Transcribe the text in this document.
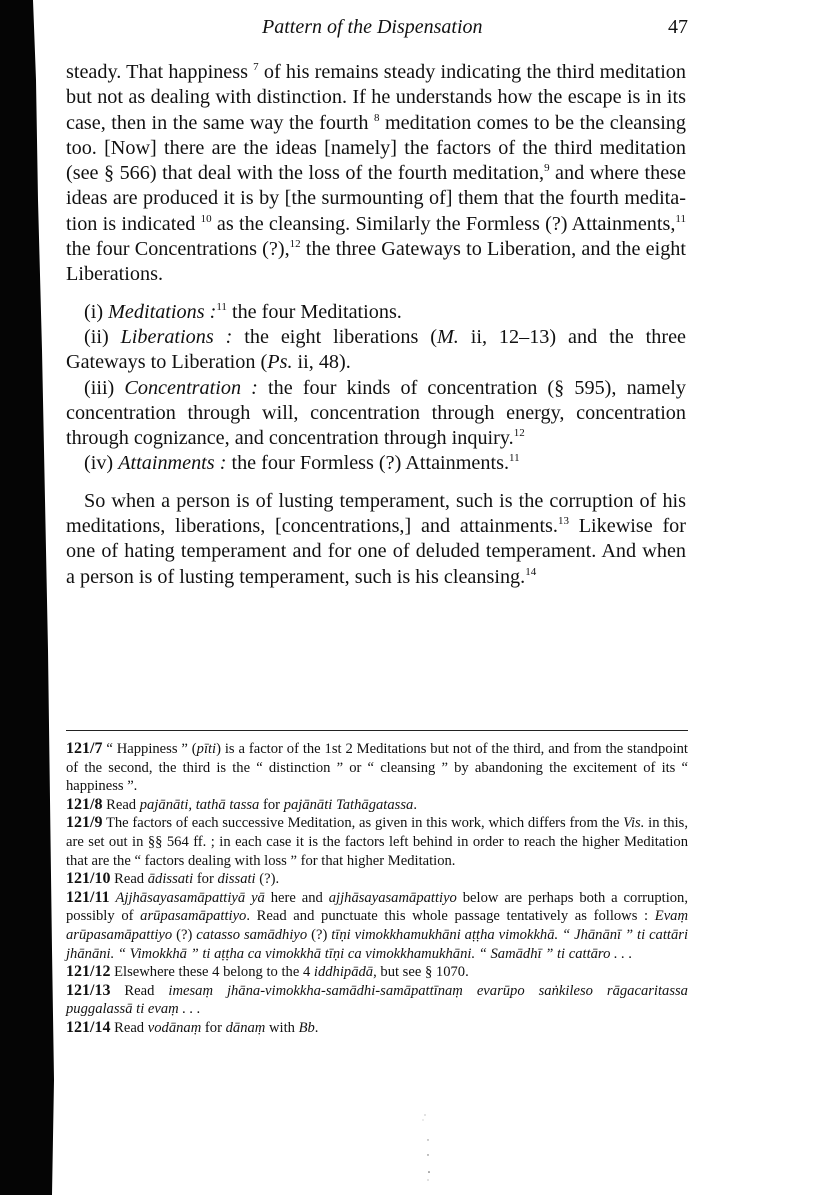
Pattern of the Dispensation	47

steady. That happiness $^7$ of his remains steady indicating the third meditation but not as dealing with distinction. If he understands how the escape is in its case, then in the same way the fourth $^8$ meditation comes to be the cleansing too. [Now] there are the ideas [namely] the factors of the third meditation (see § 566) that deal with the loss of the fourth meditation,$^9$ and where these ideas are produced it is by [the surmounting of] them that the fourth meditation is indicated $^{10}$ as the cleansing. Similarly the Formless (?) Attainments,$^{11}$ the four Concentrations (?),$^{12}$ the three Gateways to Liberation, and the eight Liberations.

(i) Meditations :$^{11}$ the four Meditations.

(ii) Liberations : the eight liberations (M. ii, 12–13) and the three Gateways to Liberation (Ps. ii, 48).

(iii) Concentration : the four kinds of concentration (§ 595), namely concentration through will, concentration through energy, concentration through cognizance, and concentration through inquiry.$^{12}$

(iv) Attainments : the four Formless (?) Attainments.$^{11}$

So when a person is of lusting temperament, such is the corruption of his meditations, liberations, [concentrations,] and attainments.$^{13}$ Likewise for one of hating temperament and for one of deluded temperament. And when a person is of lusting temperament, such is his cleansing.$^{14}$

121/7 “ Happiness ” (pīti) is a factor of the 1st 2 Meditations but not of the third, and from the standpoint of the second, the third is the “ distinction ” or “ cleansing ” by abandoning the excitement of its “ happiness ”.

121/8 Read pajānāti, tathā tassa for pajānāti Tathāgatassa.

121/9 The factors of each successive Meditation, as given in this work, which differs from the Vis. in this, are set out in §§ 564 ff. ; in each case it is the factors left behind in order to reach the higher Meditation that are the “ factors dealing with loss ” for that higher Meditation.

121/10 Read ādissati for dissati (?).

121/11 Ajjhāsayasamāpattiyā yā here and ajjhāsayasamāpattiyo below are perhaps both a corruption, possibly of arūpasamāpattiyo. Read and punctuate this whole passage tentatively as follows : Evaṃ arūpasamāpattiyo (?) catasso samādhiyo (?) tīṇi vimokkhamukhāni aṭṭha vimokkhā. “ Jhānānī ” ti cattāri jhānāni. “ Vimokkhā ” ti aṭṭha ca vimokkhā tīṇi ca vimokkhamukhāni. “ Samādhī ” ti cattāro . . .

121/12 Elsewhere these 4 belong to the 4 iddhipādā, but see § 1070.

121/13 Read imesaṃ jhāna-vimokkha-samādhi-samāpattīnaṃ evarūpo saṅkileso rāgacaritassa puggalassā ti evaṃ . . .

121/14 Read vodānaṃ for dānaṃ with Bb.
